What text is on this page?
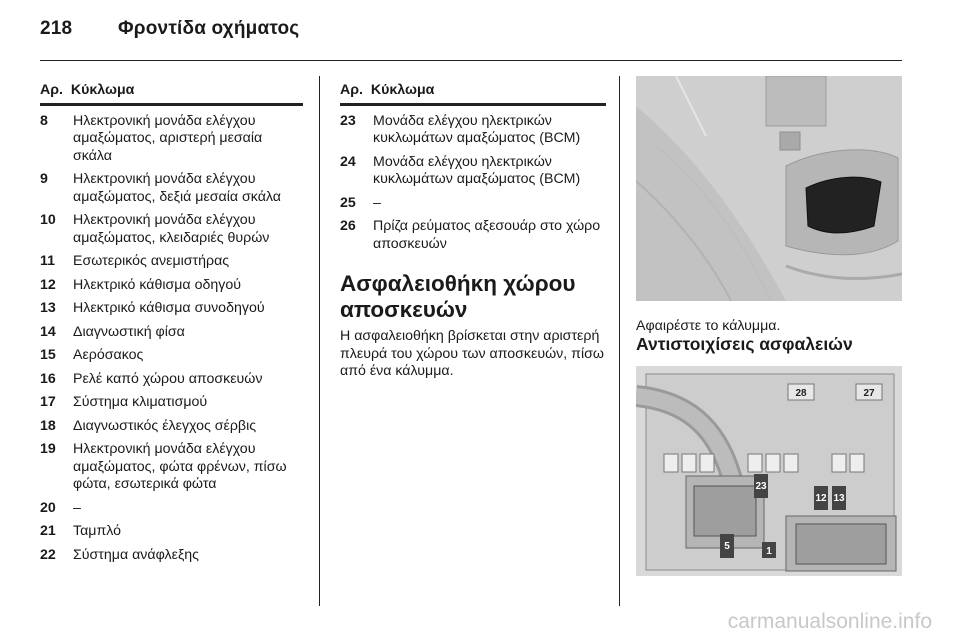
218 Φροντίδα οχήματος
Αρ.  Κύκλωμα
8	Ηλεκτρονική μονάδα ελέγχου αμαξώματος, αριστερή μεσαία σκάλα
9	Ηλεκτρονική μονάδα ελέγχου αμαξώματος, δεξιά μεσαία σκάλα
10	Ηλεκτρονική μονάδα ελέγχου αμαξώματος, κλειδαριές θυρών
11	Εσωτερικός ανεμιστήρας
12	Ηλεκτρικό κάθισμα οδηγού
13	Ηλεκτρικό κάθισμα συνοδηγού
14	Διαγνωστική φίσα
15	Αερόσακος
16	Ρελέ καπό χώρου αποσκευών
17	Σύστημα κλιματισμού
18	Διαγνωστικός έλεγχος σέρβις
19	Ηλεκτρονική μονάδα ελέγχου αμαξώματος, φώτα φρένων, πίσω φώτα, εσωτερικά φώτα
20	–
21	Ταμπλό
22	Σύστημα ανάφλεξης
Αρ.  Κύκλωμα
23	Μονάδα ελέγχου ηλεκτρικών κυκλωμάτων αμαξώματος (BCM)
24	Μονάδα ελέγχου ηλεκτρικών κυκλωμάτων αμαξώματος (BCM)
25	–
26	Πρίζα ρεύματος αξεσουάρ στο χώρο αποσκευών
Ασφαλειοθήκη χώρου αποσκευών
Η ασφαλειοθήκη βρίσκεται στην αριστερή πλευρά του χώρου των αποσκευών, πίσω από ένα κάλυμμα.
Αφαιρέστε το κάλυμμα.
Αντιστοιχίσεις ασφαλειών
28	27
23
12 13
5	1
carmanualsonline.info
